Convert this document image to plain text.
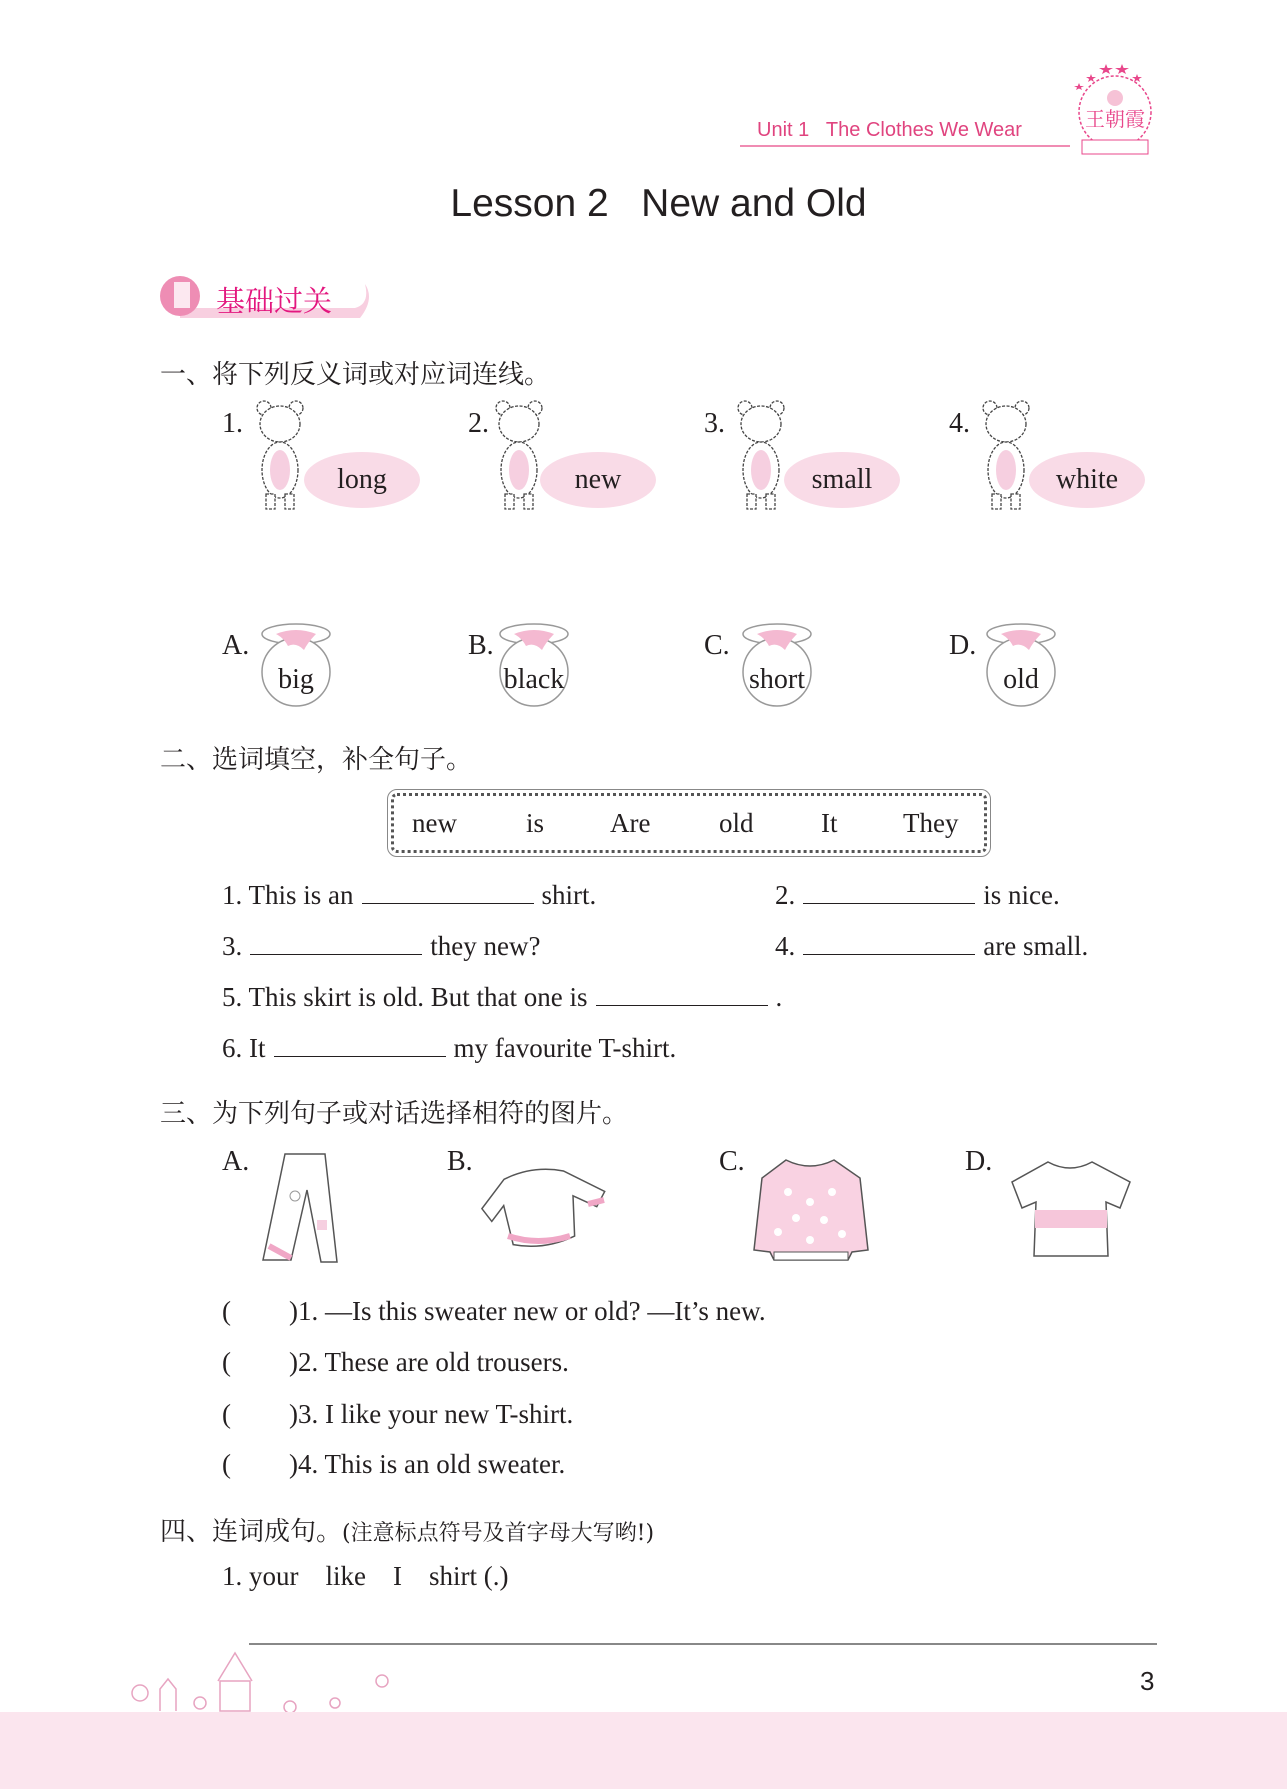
Unit 1 The Clothes We Wear	王朝霞
Lesson 2   New and Old
基础过关
一、将下列反义词或对应词连线。
1.	2.	3.	4.
long	new	small	white
A.	B.	C.	D.
big	black	short	old
二、选词填空，补全句子。
new	is Are	old It They
1. This is an	shirt.	2.	is nice.
3.	they new?	4.	are small.
5. This skirt is old. But that one is	.
6. It	my favourite T-shirt.
三、为下列句子或对话选择相符的图片。
A.	B.	C.	D.
( )1. —Is this sweater new or old? —It’s new.
( )2. These are old trousers.
( )3. I like your new T-shirt.
( )4. This is an old sweater.
四、连词成句。(注意标点符号及首字母大写哟!)
1. your    like    I    shirt (.)
3
